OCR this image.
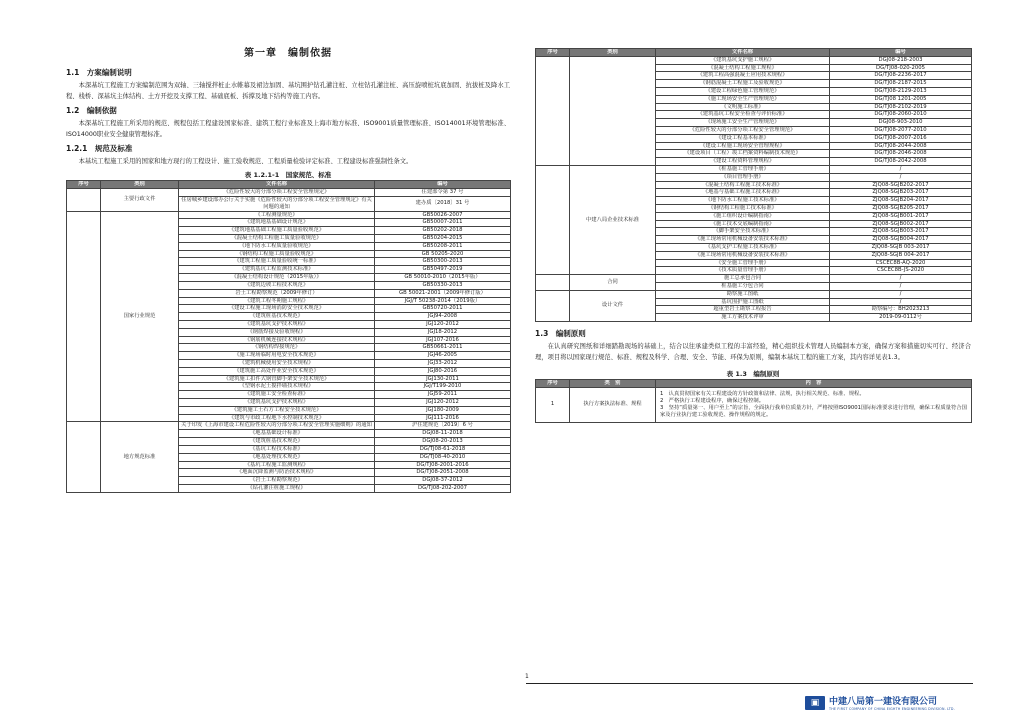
第一章　编制依据
1.1　方案编制说明
本深基坑工程施工方案编制范围为双轴、三轴搅拌桩止水帷幕及裙边加固、基坑围护钻孔灌注桩、立柱钻孔灌注桩、高压旋喷桩坑底加固、抗拔桩及降水工程、栈桥、深基坑主体结构、土方开挖及支撑工程、基础底板、拆撑及地下结构等施工内容。
1.2　编制依据
本深基坑工程施工所采用的规范、规程包括工程建设国家标准、建筑工程行业标准及上海市地方标准、ISO9001质量管理标准、ISO14001环境管理标准、ISO14000职业安全健康管理标准。
1.2.1　规范及标准
本基坑工程施工采用的国家和地方现行的工程设计、施工验收规范、工程质量检验评定标准、工程建设标准强制性条文。
表 1.2.1-1　国家规范、标准
序号	类别	文件名称	编号
	主要行政文件	《危险性较大的分部分项工程安全管理规定》	住建部令第 37 号
		住房城乡建设部办公厅关于实施《危险性较大的分部分项工程安全管理规定》有关问题的通知	建办质〔2018〕31 号
	国家行业规范	《工程测量规范》	GB50026-2007
		《建筑地基基础设计规范》	GB50007-2011
		《建筑地基基础工程施工质量验收规范》	GB50202-2018
		《混凝土结构工程施工质量验收规范》	GB50204-2015
		《地下防水工程质量验收规范》	GB50208-2011
		《钢结构工程施工质量验收规范》	GB 50205-2020
		《建筑工程施工质量验收统一标准》	GB50300-2013
		《建筑基坑工程监测技术标准》	GB50497-2019
		《混凝土结构设计规范（2015年版）》	GB 50010-2010（2015年版）
		《建筑边坡工程技术规范》	GB50330-2013
		岩土工程勘察规范（2009年修订）	GB 50021-2001（2009年修订版）
		《建筑工程冬期施工规程》	JGJ/T 50238-2014（2019版）
		《建设工程施工现场消防安全技术规范》	GB50720-2011
		《建筑桩基技术规范》	JGJ94-2008
		《建筑基坑支护技术规程》	JGJ120-2012
		《钢筋焊接及验收规程》	JGJ18-2012
		《钢筋机械连接技术规程》	JGJ107-2016
		《钢结构焊接规范》	GB50661-2011
		《施工现场临时用电安全技术规范》	JGJ46-2005
		《建筑机械使用安全技术规程》	JGJ33-2012
		《建筑施工高处作业安全技术规范》	JGJ80-2016
		《建筑施工扣件式钢管脚手架安全技术规范》	JGJ130-2011
		《型钢水泥土搅拌墙技术规程》	JGJ/T199-2010
		《建筑施工安全检查标准》	JGJ59-2011
		《建筑基坑支护技术规程》	JGJ120-2012
		《建筑施工土石方工程安全技术规范》	JGJ180-2009
		《建筑与市政工程地下水控制技术规范》	JGJ111-2016
	地方规范标准	关于印发《上海市建设工程危险性较大的分部分项工程安全管理实施细则》的通知	沪住建规范〔2019〕6 号
		《地基基础设计标准》	DGJ08-11-2018
		《建筑桩基技术规范》	DGJ08-20-2013
		《基坑工程技术标准》	DG/TJ08-61-2018
		《地基处理技术规范》	DG/TJ08-40-2010
		《基坑工程施工监测规程》	DG/TJ08-2001-2016
		《地面沉降监测与防治技术规程》	DG/TJ08-2051-2008
		《岩土工程勘察规范》	DGJ08-37-2012
		《钻孔灌注桩施工规程》	DG/TJ08-202-2007
序号	类别	文件名称	编号
		《建筑基坑支护施工规程》	DGJ08-218-2003
		《混凝土结构工程施工规程》	DG/TJ08-020-2005
		《建筑工程高强混凝土应用技术规程》	DG/TJ08-2236-2017
		《钢筋混凝土工程施工及验收规范》	DG/TJ08-2187-2015
		《建设工程绿色施工管理规范》	DG/TJ08-2129-2013
		《施工现场安全生产管理规范》	DG/TJ08 1201-2005
		《文明施工标准》	DG/TJ08-2102-2019
		《建筑基坑工程安全检查与评价标准》	DG/TJ08-2060-2010
		《现场施工安全生产管理规范》	DGJ08-903-2010
		《危险性较大的分部分项工程安全管理规范》	DG/TJ08-2077-2010
		《建设工程基本标准》	DG/TJ08-2007-2016
		《建设工程施工现场安全管理规程》	DG/TJ08-2044-2008
		《建设项目（工程）竣工档案资料编制技术规范》	DG/TJ08-2046-2008
		《建设工程资料管理规程》	DG/TJ08-2042-2008
	中建八局企业技术标准	《桩基施工管理手册》	/
		《项目管理手册》	/
		《混凝土结构工程施工技术标准》	ZJQ08-SGJB202-2017
		《地基与基础工程施工技术标准》	ZJQ08-SGJB203-2017
		《地下防水工程施工技术标准》	ZJQ08-SGJB204-2017
		《钢结构工程施工技术标准》	ZJQ08-SGJB205-2017
		《施工组织设计编制指南》	ZJQ08-SGJB001-2017
		《施工技术交底编制指南》	ZJQ08-SGJB002-2017
		《脚手架安全技术标准》	ZJQ08-SGJB003-2017
		《施工现场常用机械设备安装技术标准》	ZJQ08-SGJB004-2017
		《基坑支护工程施工技术标准》	ZJQ08-SGJB 003-2017
		《施工现场常用机械设备安装技术标准》	ZJQ08-SGJB 004-2017
		《安全施工管理手册》	CSCEC8B-AQ-2020
		《技术质量管理手册》	CSCEC8B-JS-2020
	合同	施工总承包合同	/
		桩基施工分包合同	/
	设计文件	勘察施工图纸	/
		基坑围护施工图纸	/
		超重型岩土勘察工程报告	勘察编号：BH2023213
		施工方案技术评审	2019-09-0112号
1.3　编制原则
在认真研究图纸和详细踏勘现场的基础上，结合以往承建类似工程的丰富经验，精心组织技术管理人员编制本方案，确保方案和措施切实可行、经济合理，项目将以国家现行规范、标准、规程及科学、合理、安全、节能、环保为原则，编制本基坑工程的施工方案，其内容详见表1.3。
表 1.3　编制原则
序号	类　别	内　容
1	执行方案执法标准、规程	1　认真贯彻国家有关工程建设的方针政策和法律、法规，执行相关规范、标准、规程。
2　严格执行工程建设程序，确保过程控制。
3　坚持“质量第一、用户至上”的宗旨，全面执行我单位质量方针，严格按照ISO9001国际标准要求进行管理，确保工程质量符合国家及行业执行建工验收规范、操作规程的规定。
1
▣	中建八局第一建设有限公司
THE FIRST COMPANY OF CHINA EIGHTH ENGINEERING DIVISION. LTD.
